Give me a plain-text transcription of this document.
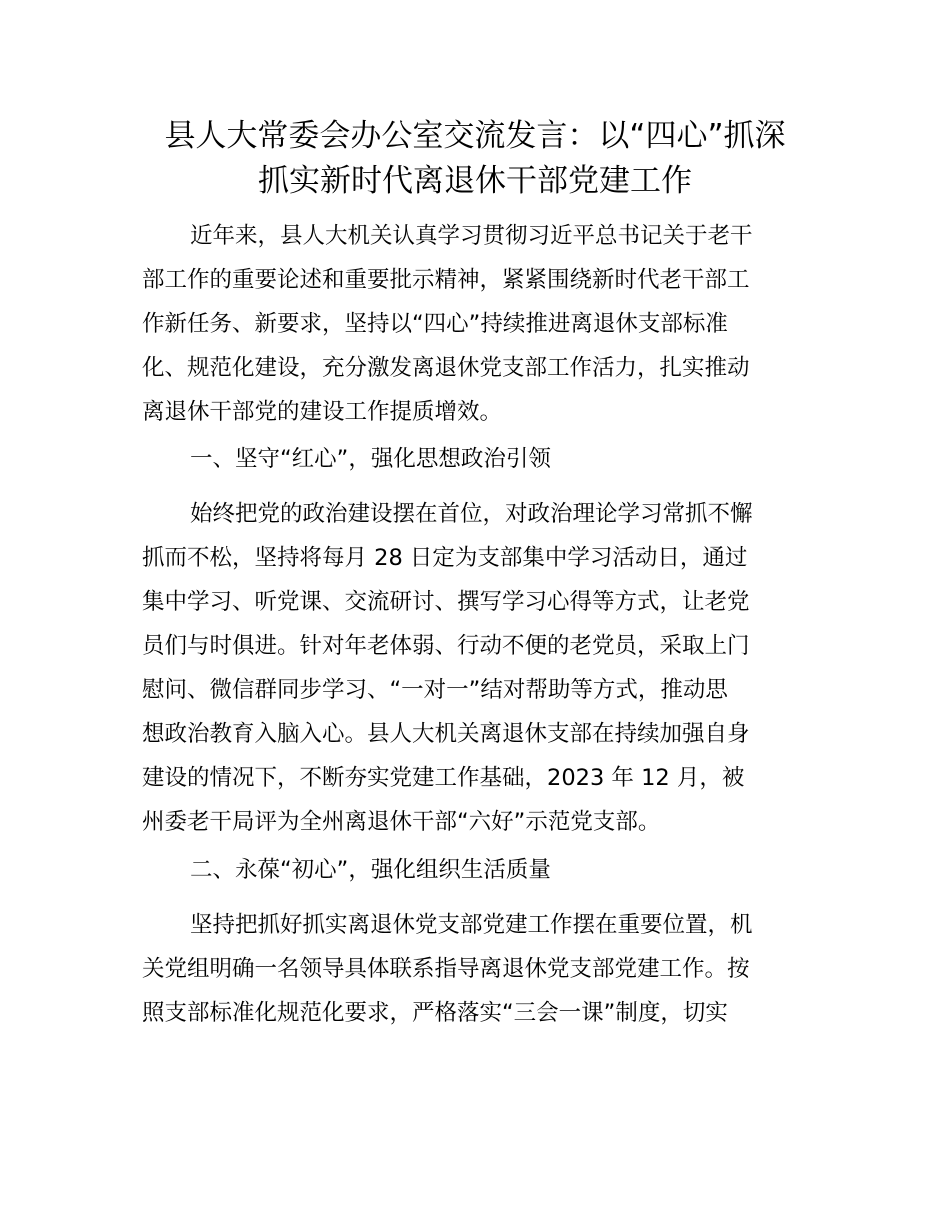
县人大常委会办公室交流发言：以“四心”抓深
抓实新时代离退休干部党建工作

近年来，县人大机关认真学习贯彻习近平总书记关于老干

部工作的重要论述和重要批示精神，紧紧围绕新时代老干部工

作新任务、新要求，坚持以“四心”持续推进离退休支部标准

化、规范化建设，充分激发离退休党支部工作活力，扎实推动

离退休干部党的建设工作提质增效。

一、坚守“红心”，强化思想政治引领

始终把党的政治建设摆在首位，对政治理论学习常抓不懈

抓而不松，坚持将每月 28 日定为支部集中学习活动日，通过

集中学习、听党课、交流研讨、撰写学习心得等方式，让老党

员们与时俱进。针对年老体弱、行动不便的老党员，采取上门

慰问、微信群同步学习、“一对一”结对帮助等方式，推动思

想政治教育入脑入心。县人大机关离退休支部在持续加强自身

建设的情况下，不断夯实党建工作基础，2023 年 12 月，被

州委老干局评为全州离退休干部“六好”示范党支部。

二、永葆“初心”，强化组织生活质量

坚持把抓好抓实离退休党支部党建工作摆在重要位置，机

关党组明确一名领导具体联系指导离退休党支部党建工作。按

照支部标准化规范化要求，严格落实“三会一课”制度，切实
